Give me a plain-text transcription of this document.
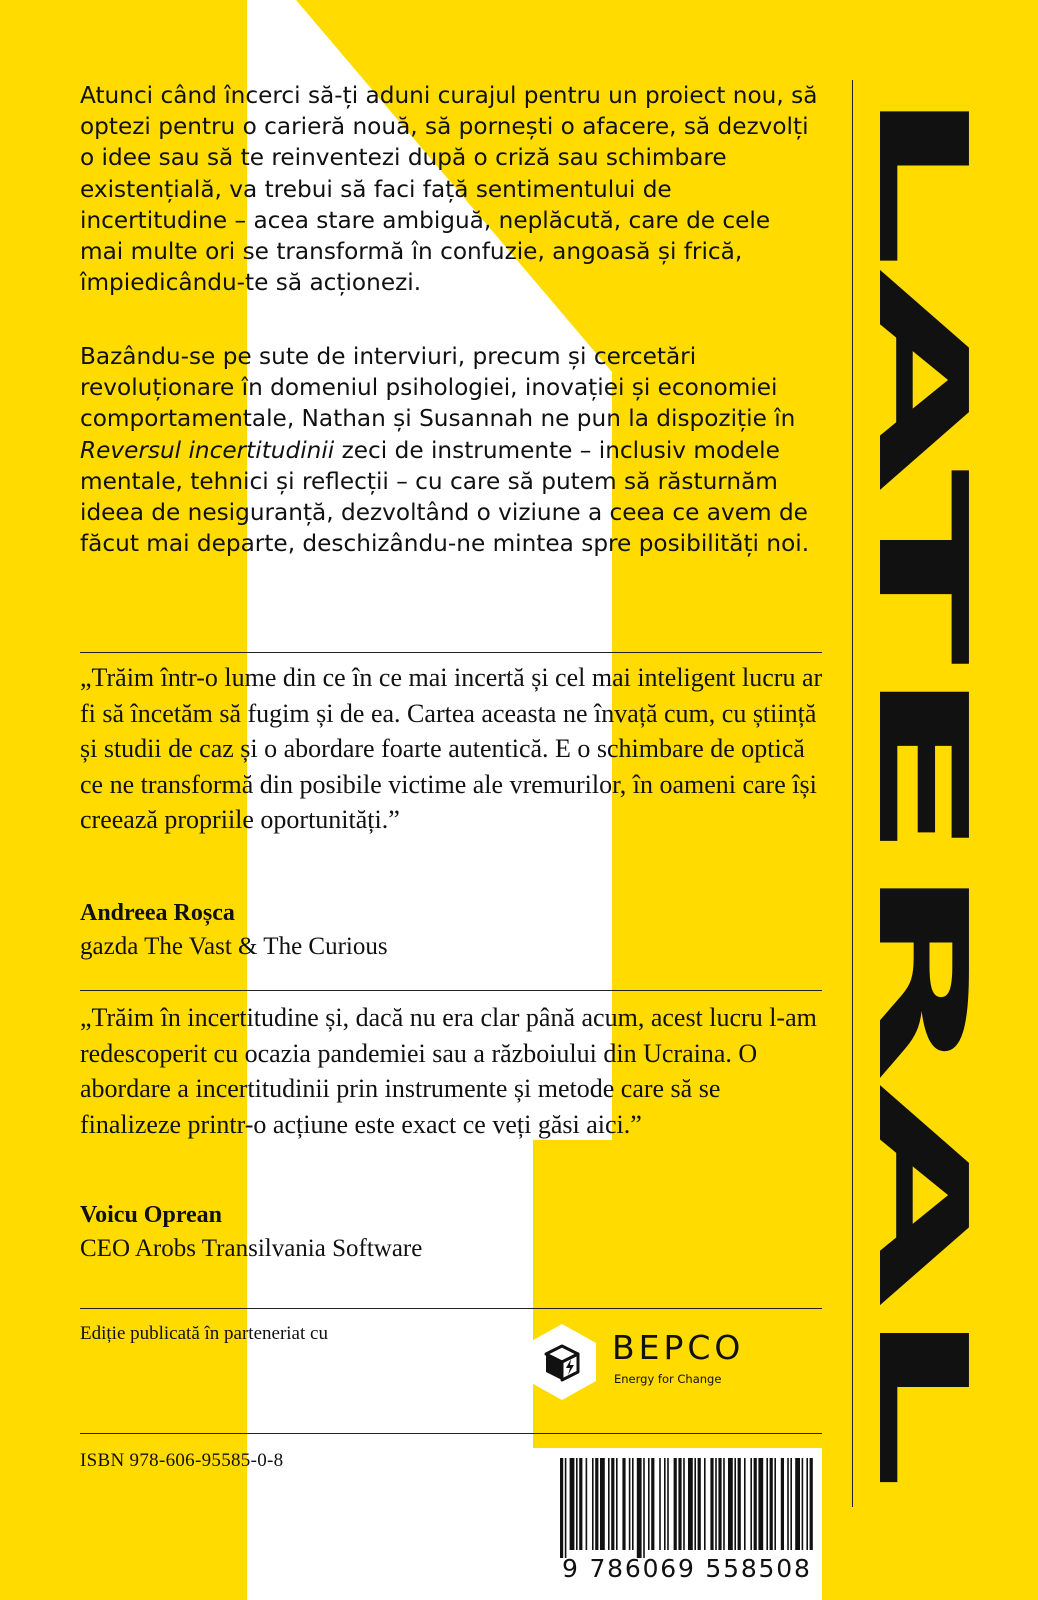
Atunci când încerci să-ți aduni curajul pentru un proiect nou, să optezi pentru o carieră nouă, să pornești o afacere, să dezvolți o idee sau să te reinventezi după o criză sau schimbare existențială, va trebui să faci față sentimentului de incertitudine – acea stare ambiguă, neplăcută, care de cele mai multe ori se transformă în confuzie, angoasă și frică, împiedicându-te să acționezi.

Bazându-se pe sute de interviuri, precum și cercetări revoluționare în domeniul psihologiei, inovației și economiei comportamentale, Nathan și Susannah ne pun la dispoziție în Reversul incertitudinii zeci de instrumente – inclusiv modele mentale, tehnici și reflecții – cu care să putem să răsturnăm ideea de nesiguranță, dezvoltând o viziune a ceea ce avem de făcut mai departe, deschizându-ne mintea spre posibilități noi.

„Trăim într-o lume din ce în ce mai incertă și cel mai inteligent lucru ar fi să încetăm să fugim și de ea. Cartea aceasta ne învață cum, cu știință și studii de caz și o abordare foarte autentică. E o schimbare de optică ce ne transformă din posibile victime ale vremurilor, în oameni care își creează propriile oportunități.”

Andreea Roșca
gazda The Vast & The Curious

„Trăim în incertitudine și, dacă nu era clar până acum, acest lucru l-am redescoperit cu ocazia pandemiei sau a războiului din Ucraina. O abordare a incertitudinii prin instrumente și metode care să se finalizeze printr-o acțiune este exact ce veți găsi aici.”

Voicu Oprean
CEO Arobs Transilvania Software
Ediție publicată în parteneriat cu	BEPCO
Energy for Change
ISBN 978-606-95585-0-8
9 786069 558508
LATERAL
